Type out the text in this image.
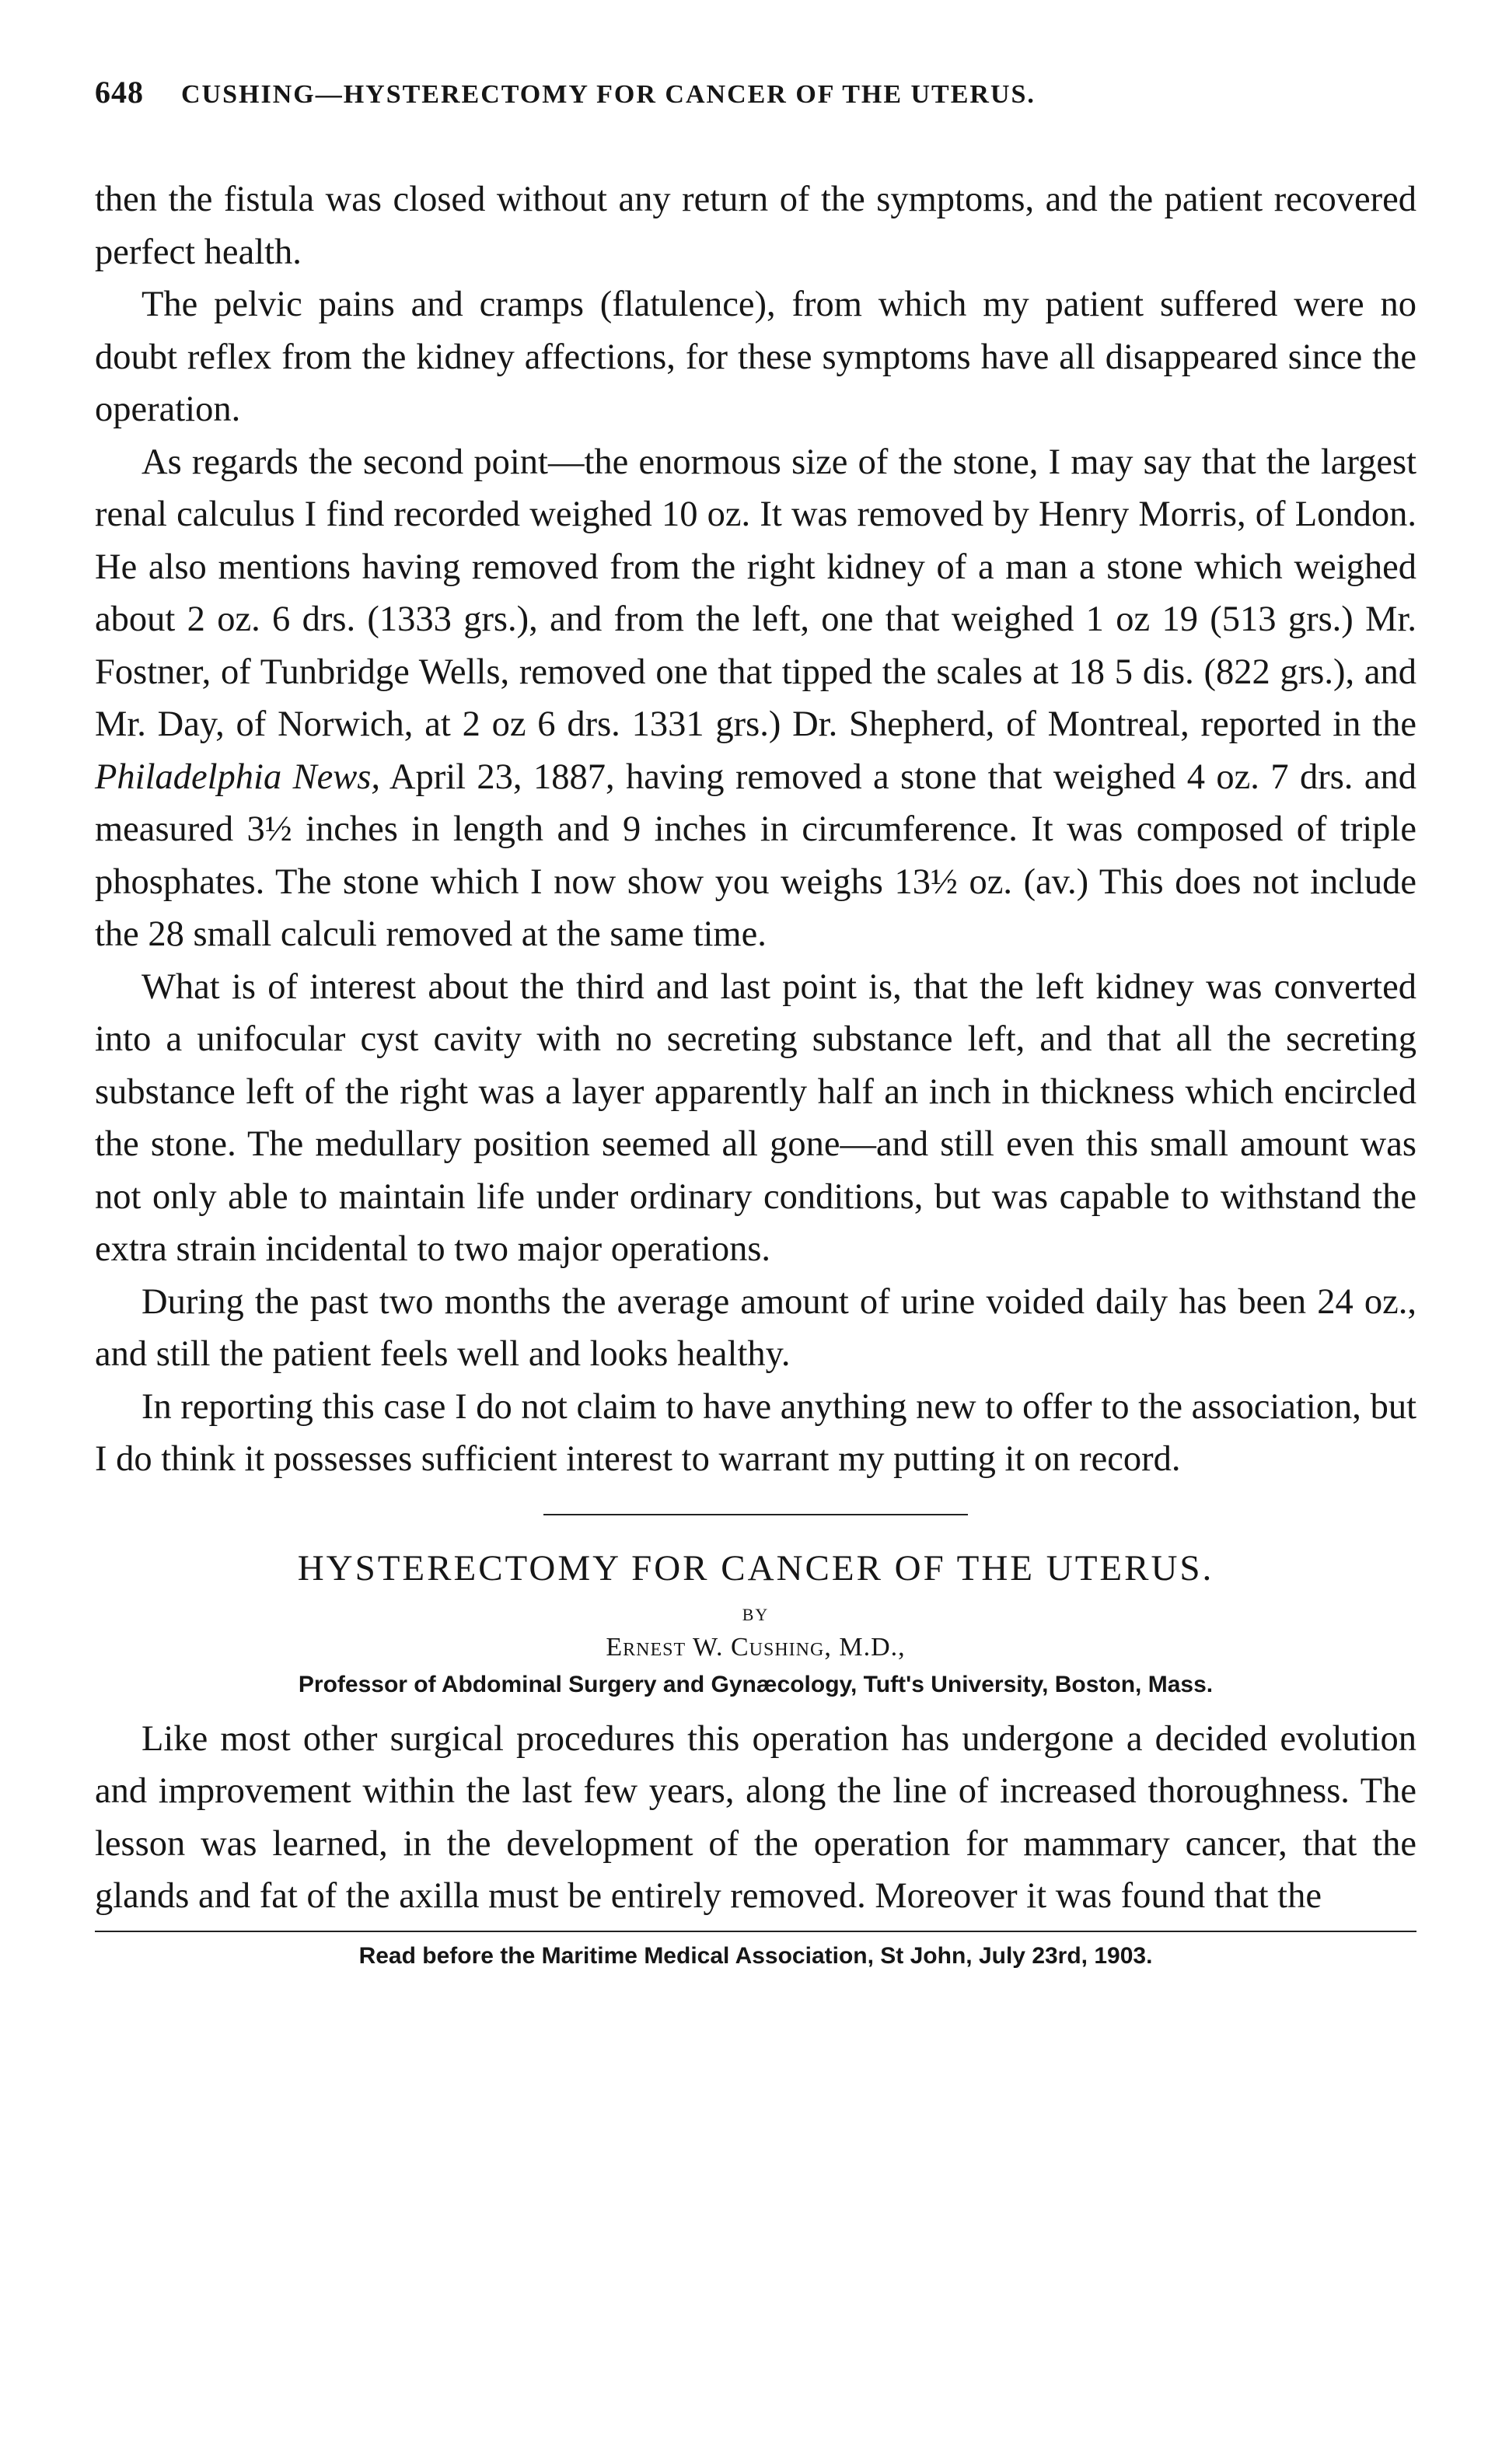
648 CUSHING—HYSTERECTOMY FOR CANCER OF THE UTERUS.

then the fistula was closed without any return of the symptoms, and the patient recovered perfect health.

The pelvic pains and cramps (flatulence), from which my patient suffered were no doubt reflex from the kidney affections, for these symptoms have all disappeared since the operation.

As regards the second point—the enormous size of the stone, I may say that the largest renal calculus I find recorded weighed 10 oz. It was removed by Henry Morris, of London. He also mentions having removed from the right kidney of a man a stone which weighed about 2 oz. 6 drs. (1333 grs.), and from the left, one that weighed 1 oz 19 (513 grs.) Mr. Fostner, of Tunbridge Wells, removed one that tipped the scales at 18 5 dis. (822 grs.), and Mr. Day, of Norwich, at 2 oz 6 drs. 1331 grs.) Dr. Shepherd, of Montreal, reported in the Philadelphia News, April 23, 1887, having removed a stone that weighed 4 oz. 7 drs. and measured 3½ inches in length and 9 inches in circumference. It was composed of triple phosphates. The stone which I now show you weighs 13½ oz. (av.) This does not include the 28 small calculi removed at the same time.

What is of interest about the third and last point is, that the left kidney was converted into a unifocular cyst cavity with no secreting substance left, and that all the secreting substance left of the right was a layer apparently half an inch in thickness which encircled the stone. The medullary position seemed all gone—and still even this small amount was not only able to maintain life under ordinary conditions, but was capable to withstand the extra strain incidental to two major operations.

During the past two months the average amount of urine voided daily has been 24 oz., and still the patient feels well and looks healthy.

In reporting this case I do not claim to have anything new to offer to the association, but I do think it possesses sufficient interest to warrant my putting it on record.

HYSTERECTOMY FOR CANCER OF THE UTERUS.
BY
Ernest W. Cushing, M.D.,
Professor of Abdominal Surgery and Gynæcology, Tuft's University, Boston, Mass.

Like most other surgical procedures this operation has undergone a decided evolution and improvement within the last few years, along the line of increased thoroughness. The lesson was learned, in the development of the operation for mammary cancer, that the glands and fat of the axilla must be entirely removed. Moreover it was found that the

Read before the Maritime Medical Association, St John, July 23rd, 1903.
